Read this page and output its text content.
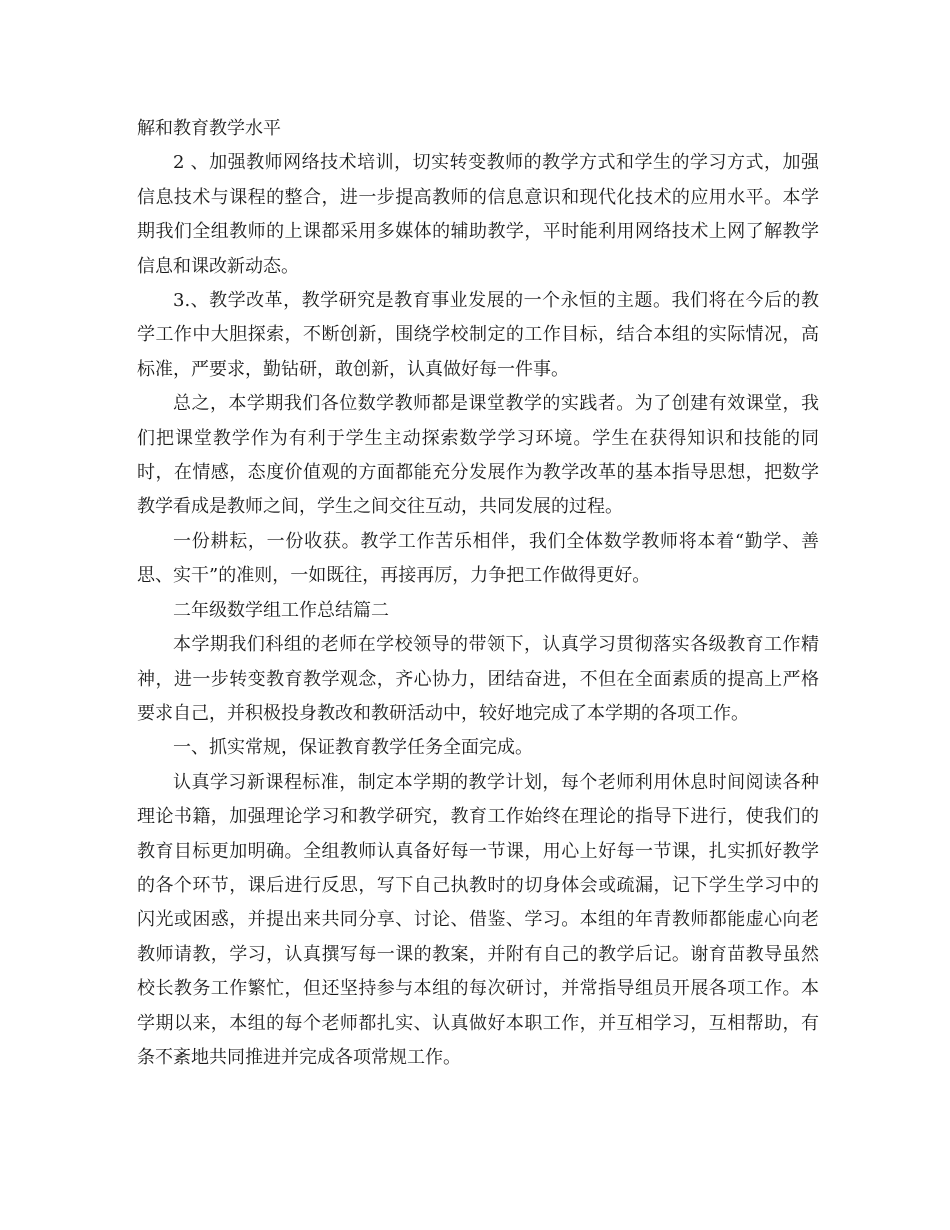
解和教育教学水平

2 、加强教师网络技术培训，切实转变教师的教学方式和学生的学习方式，加强信息技术与课程的整合，进一步提高教师的信息意识和现代化技术的应用水平。本学期我们全组教师的上课都采用多媒体的辅助教学，平时能利用网络技术上网了解教学信息和课改新动态。

3.、教学改革，教学研究是教育事业发展的一个永恒的主题。我们将在今后的教学工作中大胆探索，不断创新，围绕学校制定的工作目标，结合本组的实际情况，高标准，严要求，勤钻研，敢创新，认真做好每一件事。

总之，本学期我们各位数学教师都是课堂教学的实践者。为了创建有效课堂，我们把课堂教学作为有利于学生主动探索数学学习环境。学生在获得知识和技能的同时，在情感，态度价值观的方面都能充分发展作为教学改革的基本指导思想，把数学教学看成是教师之间，学生之间交往互动，共同发展的过程。

一份耕耘，一份收获。教学工作苦乐相伴，我们全体数学教师将本着“勤学、善思、实干”的准则，一如既往，再接再厉，力争把工作做得更好。

二年级数学组工作总结篇二

本学期我们科组的老师在学校领导的带领下，认真学习贯彻落实各级教育工作精神，进一步转变教育教学观念，齐心协力，团结奋进，不但在全面素质的提高上严格要求自己，并积极投身教改和教研活动中，较好地完成了本学期的各项工作。

一、抓实常规，保证教育教学任务全面完成。

认真学习新课程标准，制定本学期的教学计划，每个老师利用休息时间阅读各种理论书籍，加强理论学习和教学研究，教育工作始终在理论的指导下进行，使我们的教育目标更加明确。全组教师认真备好每一节课，用心上好每一节课，扎实抓好教学的各个环节，课后进行反思，写下自己执教时的切身体会或疏漏，记下学生学习中的闪光或困惑，并提出来共同分享、讨论、借鉴、学习。本组的年青教师都能虚心向老教师请教，学习，认真撰写每一课的教案，并附有自己的教学后记。谢育苗教导虽然校长教务工作繁忙，但还坚持参与本组的每次研讨，并常指导组员开展各项工作。本学期以来，本组的每个老师都扎实、认真做好本职工作，并互相学习，互相帮助，有条不紊地共同推进并完成各项常规工作。
